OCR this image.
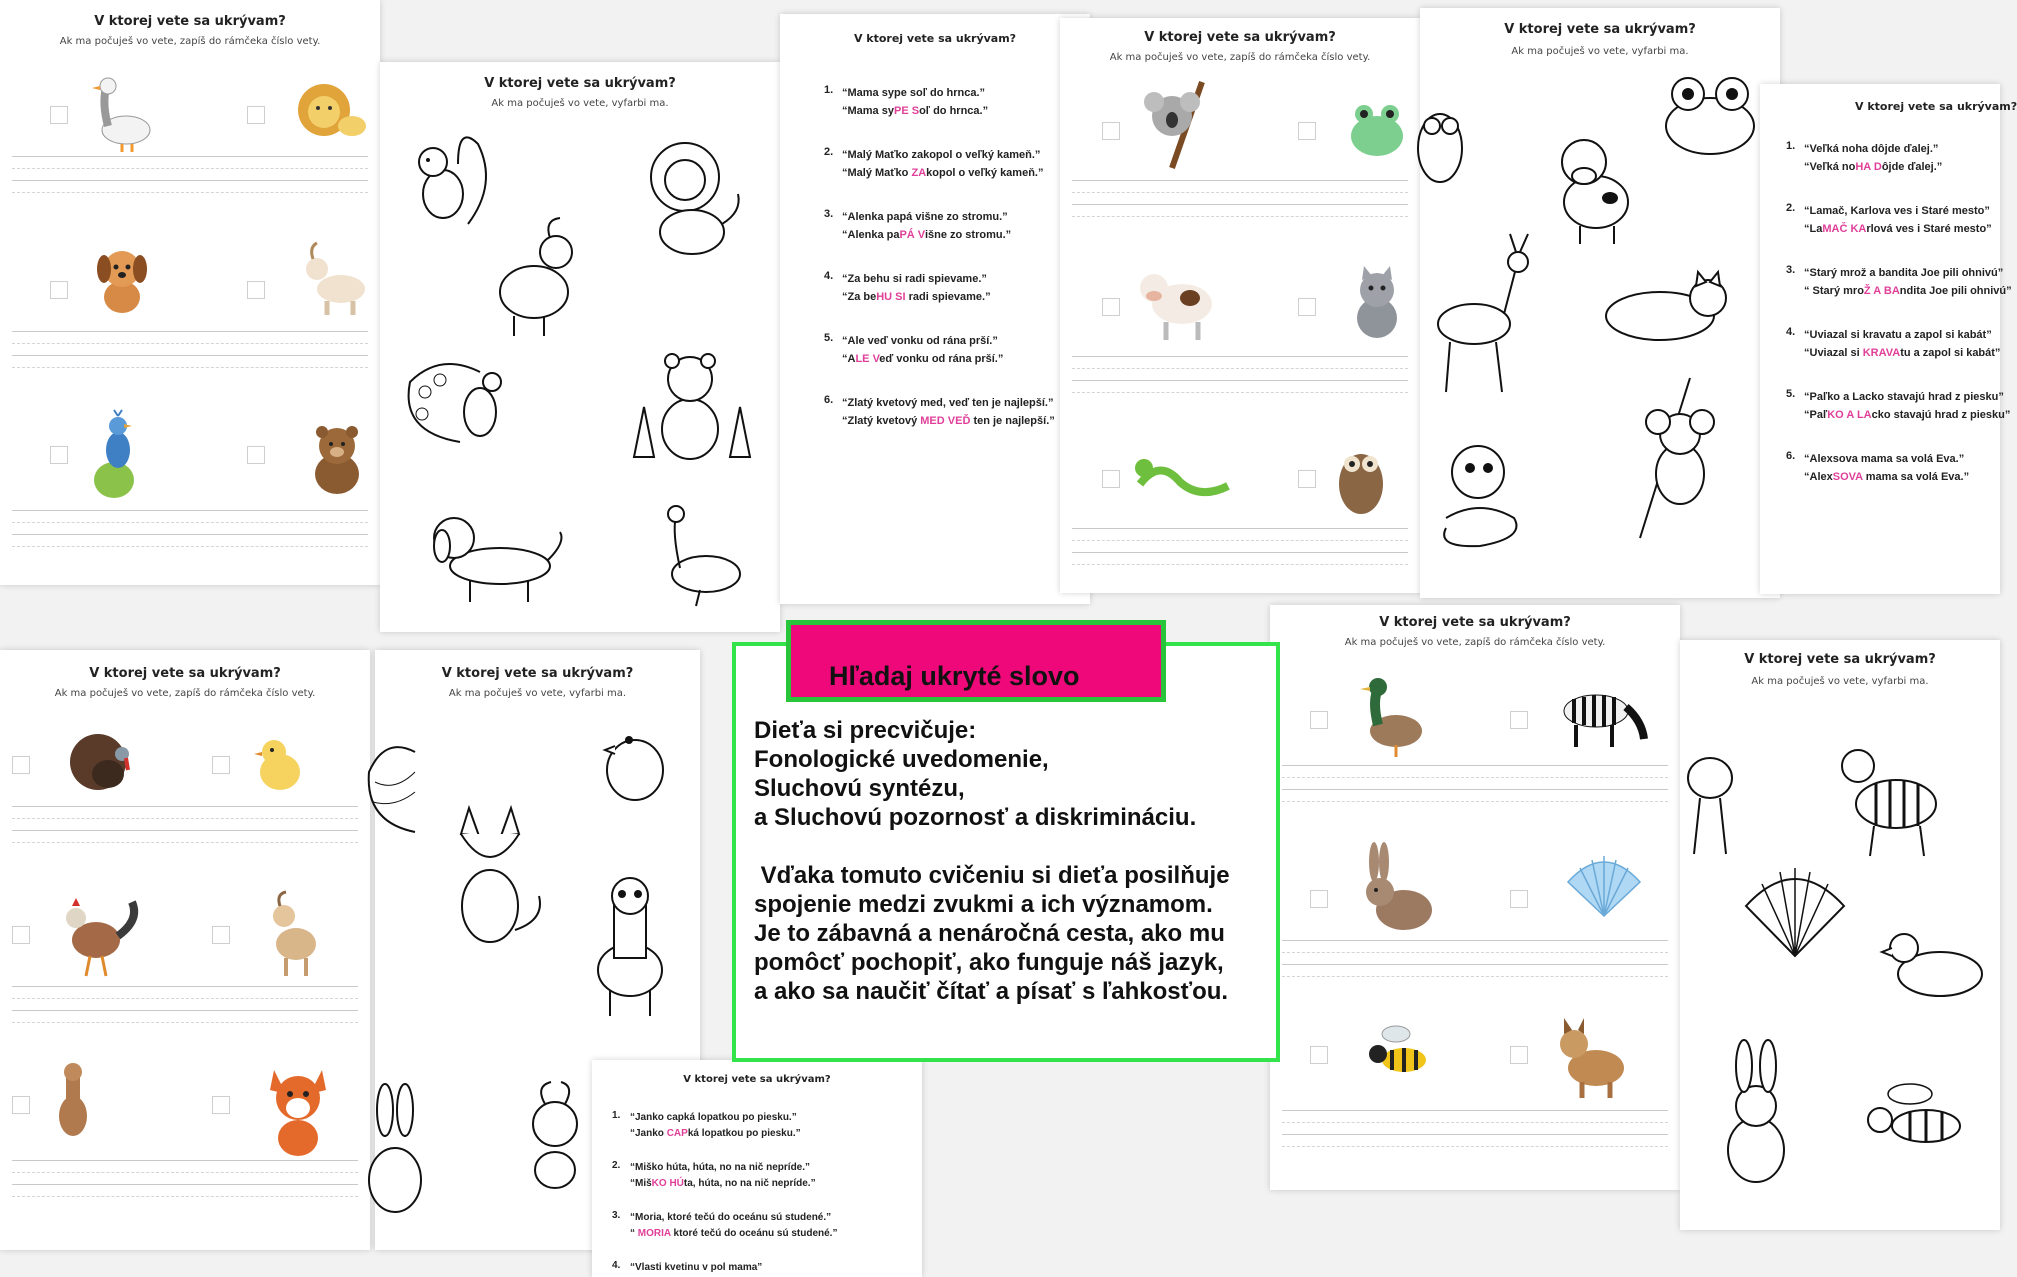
V ktorej vete sa ukrývam?
Ak ma počuješ vo vete, zapíš do rámčeka číslo vety.
V ktorej vete sa ukrývam?
Ak ma počuješ vo vete, vyfarbi ma.
V ktorej vete sa ukrývam?
1. “Mama sype soľ do hrnca.”
“Mama syPE Soľ do hrnca.”
2. “Malý Maťko zakopol o veľký kameň.”
“Malý Maťko ZAkopol o veľký kameň.”
3. “Alenka papá višne zo stromu.”
“Alenka paPÁ Višne zo stromu.”
4. “Za behu si radi spievame.”
“Za beHU SI radi spievame.”
5. “Ale veď vonku od rána prší.”
“ALE Veď vonku od rána prší.”
6. “Zlatý kvetový med, veď ten je najlepší.”
“Zlatý kvetový MED VEĎ ten je najlepší.”
V ktorej vete sa ukrývam?
Ak ma počuješ vo vete, zapíš do rámčeka číslo vety.
V ktorej vete sa ukrývam?
Ak ma počuješ vo vete, vyfarbi ma.
V ktorej vete sa ukrývam?
1. “Veľká noha dôjde ďalej.”
“Veľká noHA Dôjde ďalej.”
2. “Lamač, Karlova ves i Staré mesto”
“LaMAČ KArlová ves i Staré mesto”
3. “Starý mrož a bandita Joe pili ohnivú”
“ Starý mroŽ A BAndita Joe pili ohnivú”
4. “Uviazal si kravatu a zapol si kabát”
“Uviazal si KRAVAtu a zapol si kabát”
5. “Paľko a Lacko stavajú hrad z piesku”
“PaľKO A LAcko stavajú hrad z piesku”
6. “Alexsova mama sa volá Eva.”
“AlexSOVA mama sa volá Eva.”
V ktorej vete sa ukrývam?
Ak ma počuješ vo vete, zapíš do rámčeka číslo vety.
V ktorej vete sa ukrývam?
Ak ma počuješ vo vete, vyfarbi ma.
V ktorej vete sa ukrývam?
1. “Janko capká lopatkou po piesku.”
“Janko CAPká lopatkou po piesku.”
2. “Miško húta, húta, no na nič nepríde.”
“MišKO HÚta, húta, no na nič nepríde.”
3. “Moria, ktoré tečú do oceánu sú studené.”
“ MORIA ktoré tečú do oceánu sú studené.”
4. “Vlasti kvetinu v pol mama”
V ktorej vete sa ukrývam?
Ak ma počuješ vo vete, zapíš do rámčeka číslo vety.
V ktorej vete sa ukrývam?
Ak ma počuješ vo vete, vyfarbi ma.
Dieťa si precvičuje:
Fonologické uvedomenie,
Sluchovú syntézu,
a Sluchovú pozornosť a diskrimináciu.
Vďaka tomuto cvičeniu si dieťa posilňuje
spojenie medzi zvukmi a ich významom.
Je to zábavná a nenáročná cesta, ako mu
pomôcť pochopiť, ako funguje náš jazyk,
a ako sa naučiť čítať a písať s ľahkosťou.
Hľadaj ukryté slovo
